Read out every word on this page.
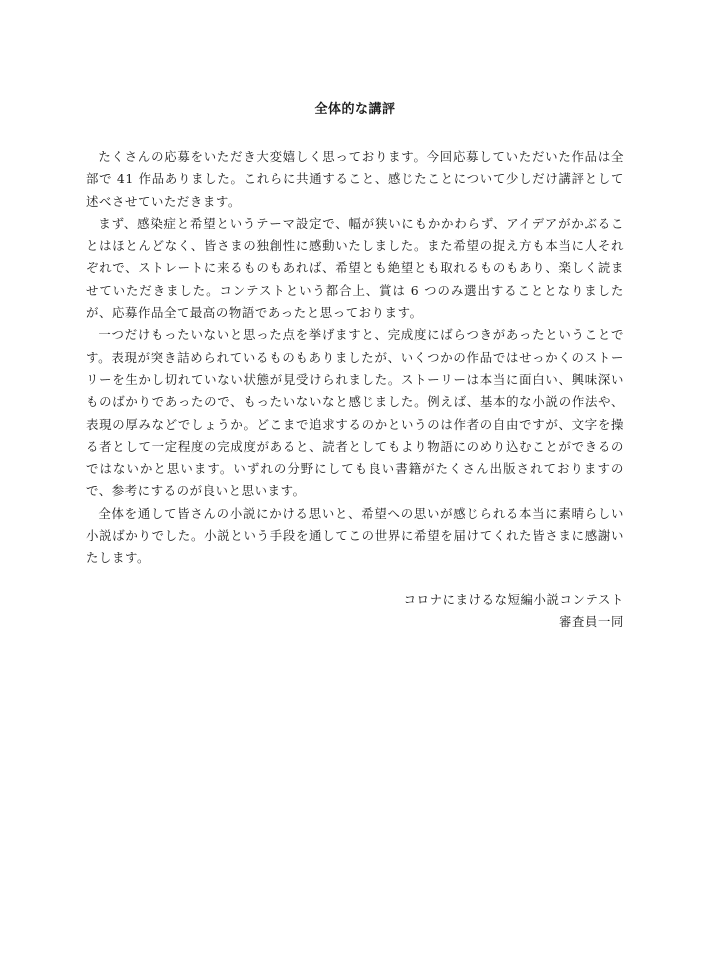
全体的な講評

たくさんの応募をいただき大変嬉しく思っております。今回応募していただいた作品は全部で 41 作品ありました。これらに共通すること、感じたことについて少しだけ講評として述べさせていただきます。

まず、感染症と希望というテーマ設定で、幅が狭いにもかかわらず、アイデアがかぶることはほとんどなく、皆さまの独創性に感動いたしました。また希望の捉え方も本当に人それぞれで、ストレートに来るものもあれば、希望とも絶望とも取れるものもあり、楽しく読ませていただきました。コンテストという都合上、賞は 6 つのみ選出することとなりましたが、応募作品全て最高の物語であったと思っております。

一つだけもったいないと思った点を挙げますと、完成度にばらつきがあったということです。表現が突き詰められているものもありましたが、いくつかの作品ではせっかくのストーリーを生かし切れていない状態が見受けられました。ストーリーは本当に面白い、興味深いものばかりであったので、もったいないなと感じました。例えば、基本的な小説の作法や、表現の厚みなどでしょうか。どこまで追求するのかというのは作者の自由ですが、文字を操る者として一定程度の完成度があると、読者としてもより物語にのめり込むことができるのではないかと思います。いずれの分野にしても良い書籍がたくさん出版されておりますので、参考にするのが良いと思います。

全体を通して皆さんの小説にかける思いと、希望への思いが感じられる本当に素晴らしい小説ばかりでした。小説という手段を通してこの世界に希望を届けてくれた皆さまに感謝いたします。

コロナにまけるな短編小説コンテスト
審査員一同
